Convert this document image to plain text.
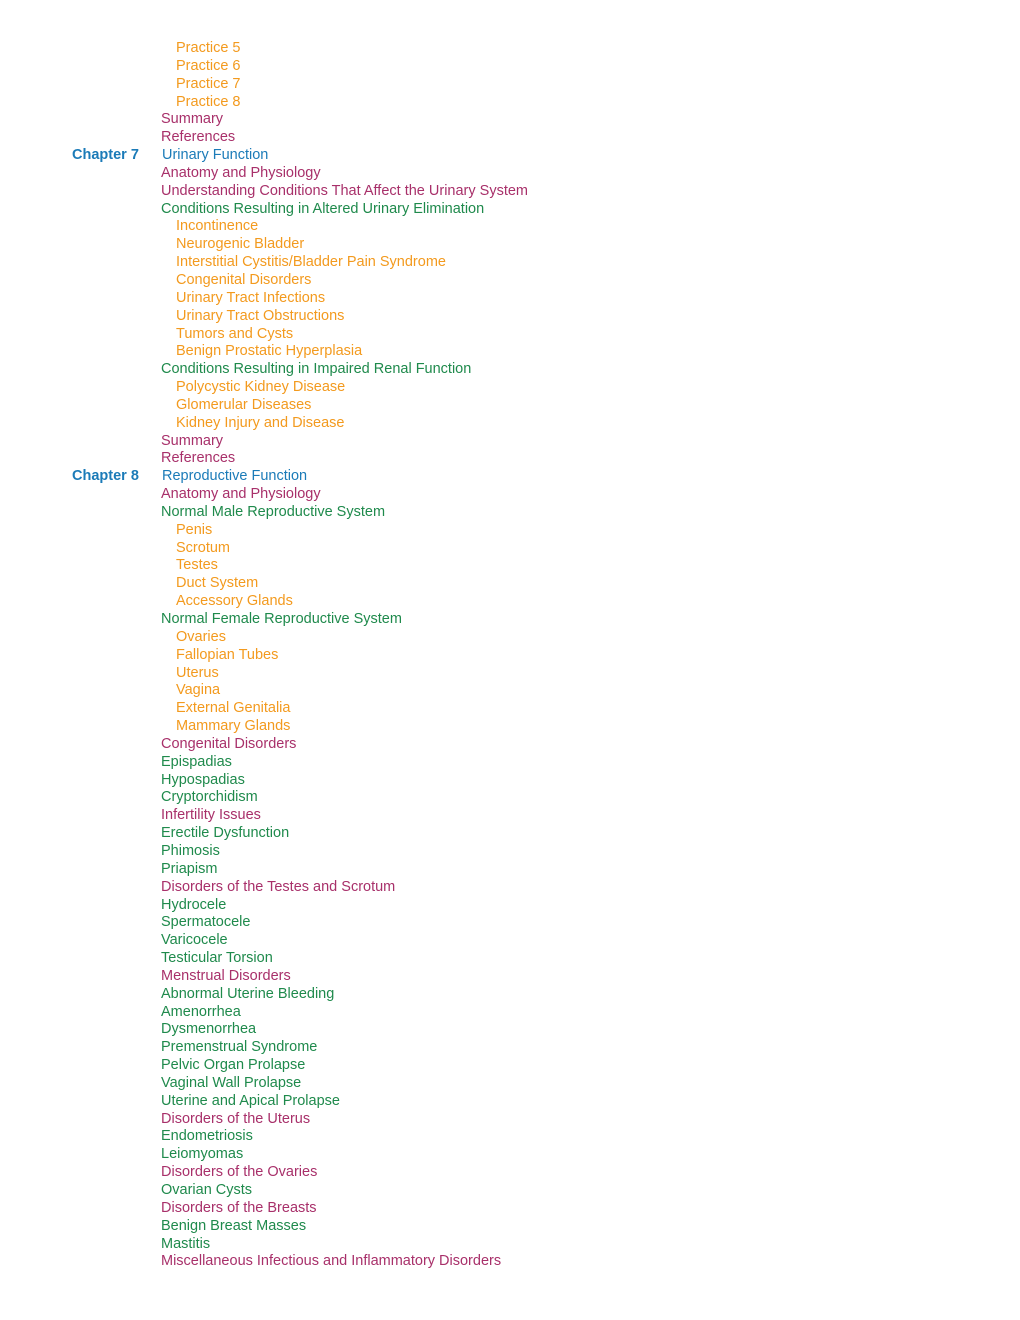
Practice 5
Practice 6
Practice 7
Practice 8
Summary
References
Chapter 7 Urinary Function
Anatomy and Physiology
Understanding Conditions That Affect the Urinary System
Conditions Resulting in Altered Urinary Elimination
Incontinence
Neurogenic Bladder
Interstitial Cystitis/Bladder Pain Syndrome
Congenital Disorders
Urinary Tract Infections
Urinary Tract Obstructions
Tumors and Cysts
Benign Prostatic Hyperplasia
Conditions Resulting in Impaired Renal Function
Polycystic Kidney Disease
Glomerular Diseases
Kidney Injury and Disease
Summary
References
Chapter 8 Reproductive Function
Anatomy and Physiology
Normal Male Reproductive System
Penis
Scrotum
Testes
Duct System
Accessory Glands
Normal Female Reproductive System
Ovaries
Fallopian Tubes
Uterus
Vagina
External Genitalia
Mammary Glands
Congenital Disorders
Epispadias
Hypospadias
Cryptorchidism
Infertility Issues
Erectile Dysfunction
Phimosis
Priapism
Disorders of the Testes and Scrotum
Hydrocele
Spermatocele
Varicocele
Testicular Torsion
Menstrual Disorders
Abnormal Uterine Bleeding
Amenorrhea
Dysmenorrhea
Premenstrual Syndrome
Pelvic Organ Prolapse
Vaginal Wall Prolapse
Uterine and Apical Prolapse
Disorders of the Uterus
Endometriosis
Leiomyomas
Disorders of the Ovaries
Ovarian Cysts
Disorders of the Breasts
Benign Breast Masses
Mastitis
Miscellaneous Infectious and Inflammatory Disorders
